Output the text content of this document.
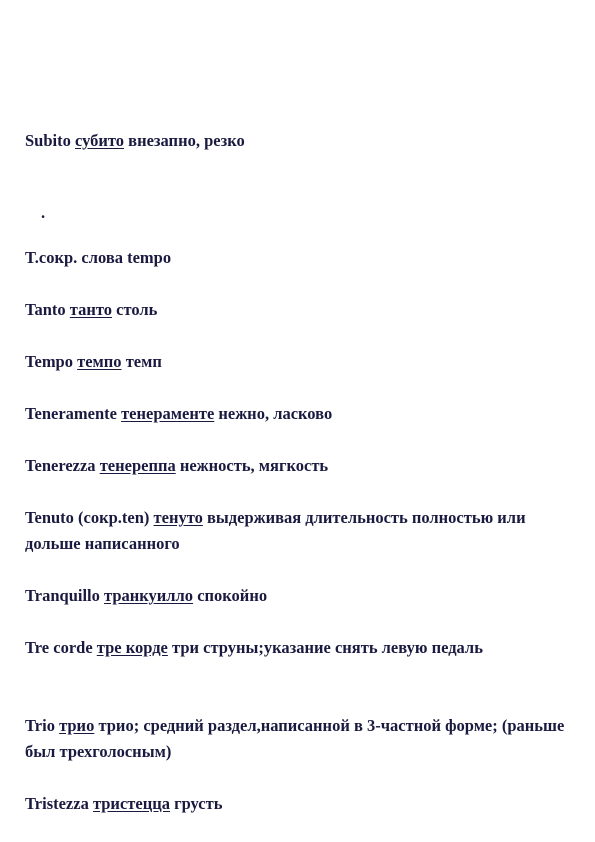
Subito субито внезапно, резко
.
T.сокр. слова tempo
Tanto танто столь
Tempo темпо темп
Teneramente тенераменте нежно, ласково
Tenerezza тенереппа нежность, мягкость
Tenuto (сокр.ten) тенуто выдерживая длительность полностью или дольше написанного
Tranquillo транкуилло спокойно
Tre corde тре корде три струны;указание снять левую педаль
Trio трио трио; средний раздел,написанной в 3-частной форме; (раньше был трехголосным)
Tristezza тристецца грусть
